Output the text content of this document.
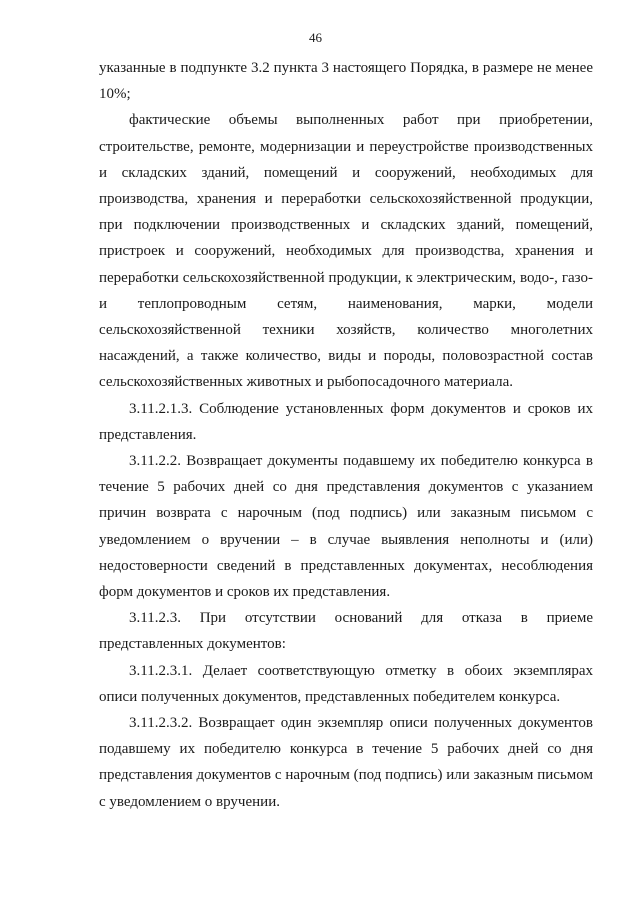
46

указанные в подпункте 3.2 пункта 3 настоящего Порядка, в размере не менее 10%;

фактические объемы выполненных работ при приобретении, строительстве, ремонте, модернизации и переустройстве производственных и складских зданий, помещений и сооружений, необходимых для производства, хранения и переработки сельскохозяйственной продукции, при подключении производственных и складских зданий, помещений, пристроек и сооружений, необходимых для производства, хранения и переработки сельскохозяйственной продукции, к электрическим, водо-, газо- и теплопроводным сетям, наименования, марки, модели сельскохозяйственной техники хозяйств, количество многолетних насаждений, а также количество, виды и породы, половозрастной состав сельскохозяйственных животных и рыбопосадочного материала.

3.11.2.1.3. Соблюдение установленных форм документов и сроков их представления.

3.11.2.2. Возвращает документы подавшему их победителю конкурса в течение 5 рабочих дней со дня представления документов с указанием причин возврата с нарочным (под подпись) или заказным письмом с уведомлением о вручении – в случае выявления неполноты и (или) недостоверности сведений в представленных документах, несоблюдения форм документов и сроков их представления.

3.11.2.3. При отсутствии оснований для отказа в приеме представленных документов:

3.11.2.3.1. Делает соответствующую отметку в обоих экземплярах описи полученных документов, представленных победителем конкурса.

3.11.2.3.2. Возвращает один экземпляр описи полученных документов подавшему их победителю конкурса в течение 5 рабочих дней со дня представления документов с нарочным (под подпись) или заказным письмом с уведомлением о вручении.
